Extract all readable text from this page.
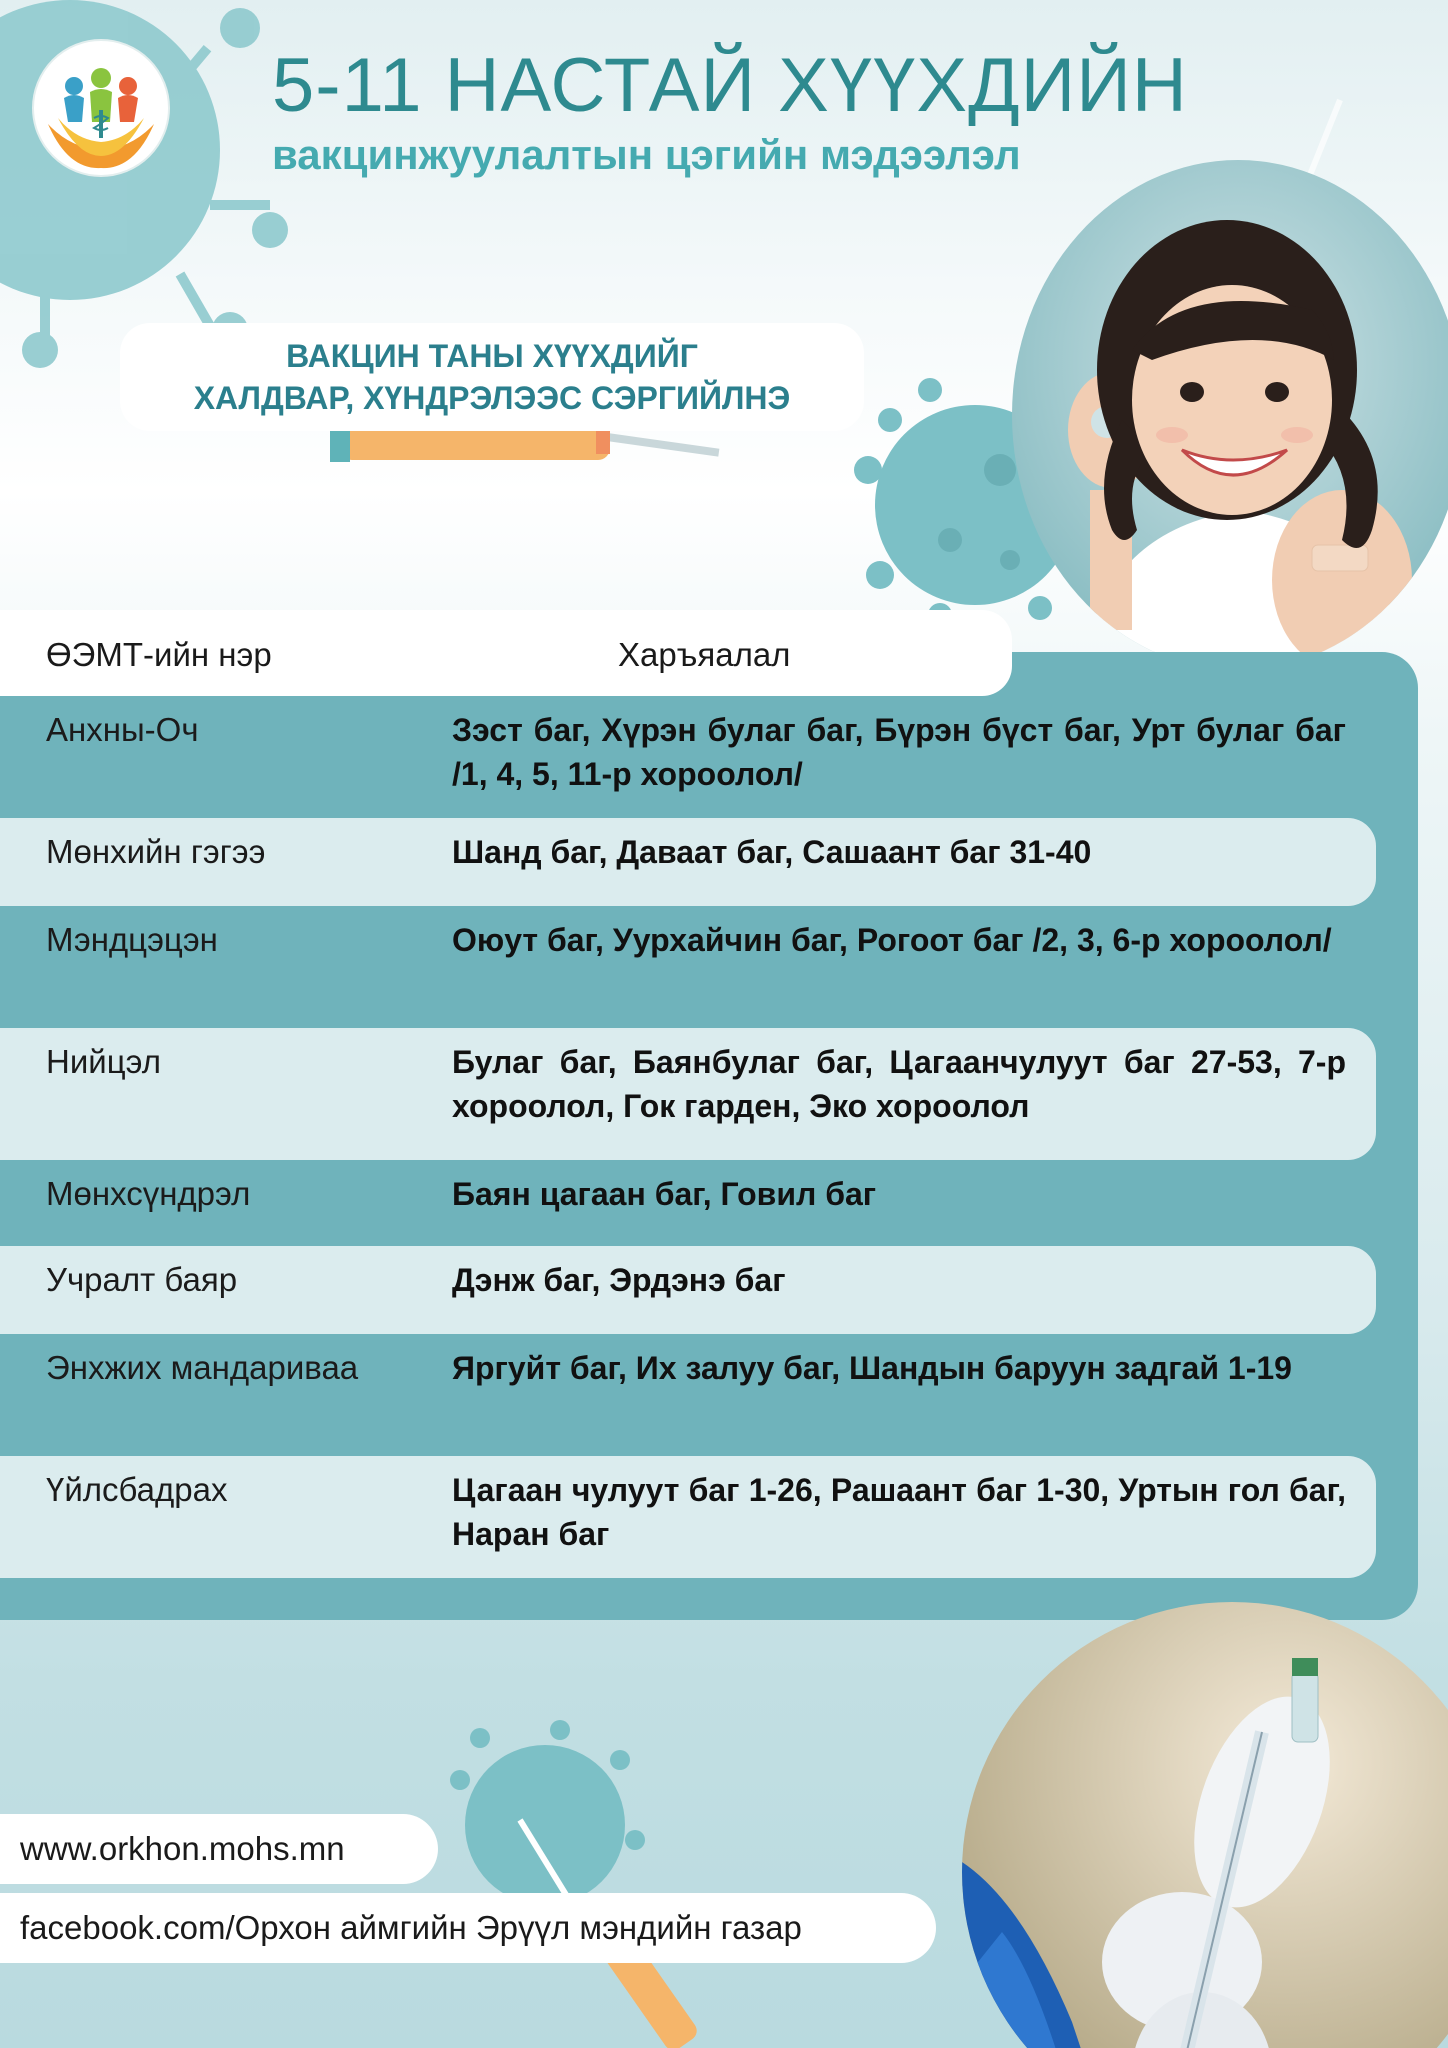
5-11 НАСТАЙ ХҮҮХДИЙН
вакцинжуулалтын цэгийн мэдээлэл
ВАКЦИН ТАНЫ ХҮҮХДИЙГ
ХАЛДВАР, ХҮНДРЭЛЭЭС СЭРГИЙЛНЭ
Анхны-Оч	Зэст баг, Хүрэн булаг баг, Бүрэн бүст баг, Урт булаг баг /1, 4, 5, 11-р хороолол/
Мөнхийн гэгээ	Шанд баг, Даваат баг, Сашаант баг 31-40
Мэндцэцэн	Оюут баг, Уурхайчин баг, Рогоот баг /2, 3, 6-р хороолол/
Нийцэл	Булаг баг, Баянбулаг баг, Цагаанчулуут баг 27-53, 7-р хороолол, Гок гарден, Эко хороолол
Мөнхсүндрэл	Баян цагаан баг, Говил баг
Учралт баяр	Дэнж баг, Эрдэнэ баг
Энхжих мандариваа	Яргуйт баг, Их залуу баг, Шандын баруун задгай 1-19
Үйлсбадрах	Цагаан чулуут баг 1-26, Рашаант баг 1-30, Уртын гол баг, Наран баг
ӨЭМТ-ийн нэр	Харъяалал
www.orkhon.mohs.mn
facebook.com/Орхон аймгийн Эрүүл мэндийн газар
